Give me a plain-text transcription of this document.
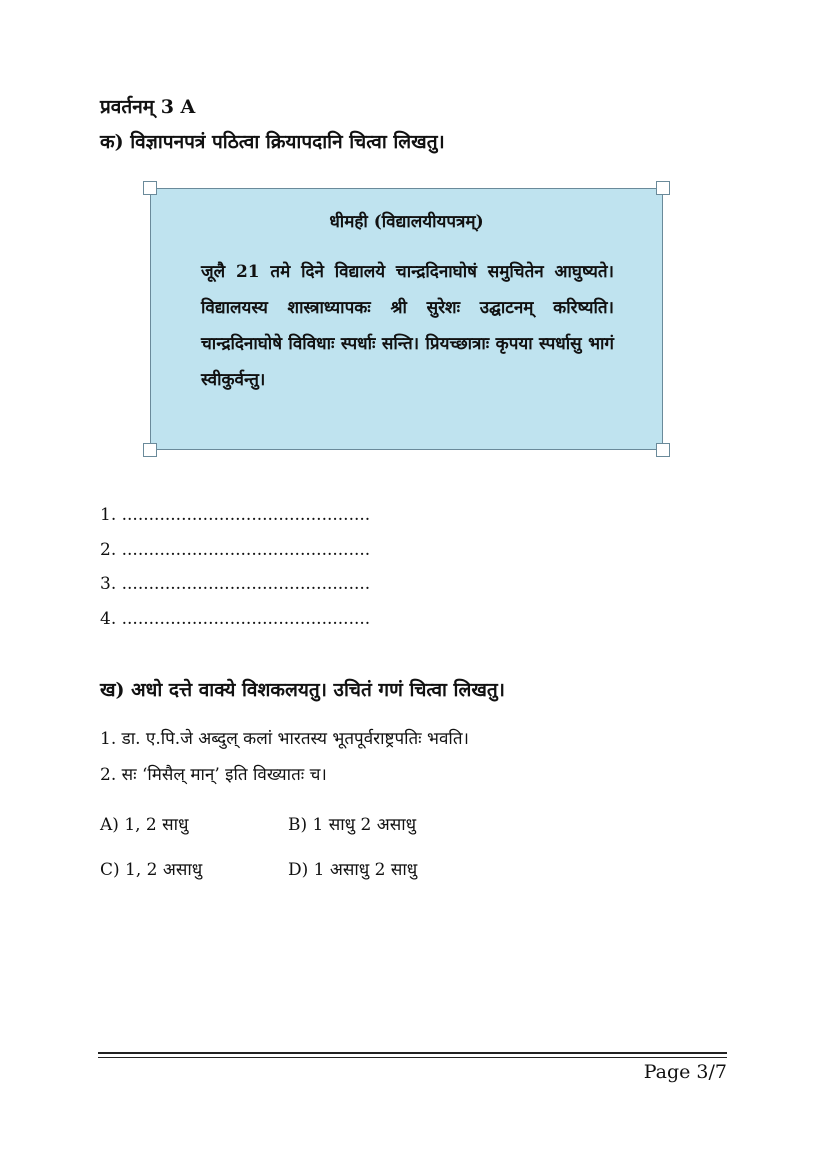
प्रवर्तनम् 3 A
क) विज्ञापनपत्रं पठित्वा क्रियापदानि चित्वा लिखतु।
धीमही (विद्यालयीयपत्रम्)
जूलै 21 तमे दिने विद्यालये चान्द्रदिनाघोषं समुचितेन आघुष्यते। विद्यालयस्य शास्त्राध्यापकः श्री सुरेशः उद्घाटनम् करिष्यति। चान्द्रदिनाघोषे विविधाः स्पर्धाः सन्ति। प्रियच्छात्राः कृपया स्पर्धासु भागं स्वीकुर्वन्तु।
1. ..............................................
2. ..............................................
3. ..............................................
4. ..............................................
ख) अधो दत्ते वाक्ये विशकलयतु। उचितं गणं चित्वा लिखतु।
1. डा. ए.पि.जे अब्दुल् कलां भारतस्य भूतपूर्वराष्ट्रपतिः भवति।
2. सः ‘मिसैल् मान्’ इति विख्यातः च।
A) 1, 2 साधु	B) 1 साधु 2 असाधु
C) 1, 2 असाधु	D) 1 असाधु 2 साधु
Page 3/7
